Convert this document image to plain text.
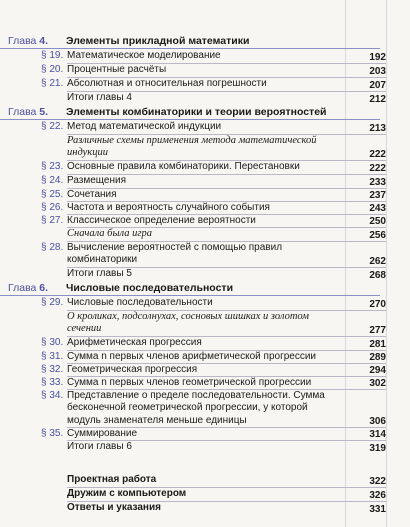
Глава 4. Элементы прикладной математики
§ 19. Математическое моделирование	192
§ 20. Процентные расчёты	203
§ 21. Абсолютная и относительная погрешности	207
Итоги главы 4	212
Глава 5. Элементы комбинаторики и теории вероятностей
§ 22. Метод математической индукции	213
Различные схемы применения метода математической индукции	222
§ 23. Основные правила комбинаторики. Перестановки	222
§ 24. Размещения	233
§ 25. Сочетания	237
§ 26. Частота и вероятность случайного события	243
§ 27. Классическое определение вероятности	250
Сначала была игра	256
§ 28. Вычисление вероятностей с помощью правил комбинаторики	262
Итоги главы 5	268
Глава 6. Числовые последовательности
§ 29. Числовые последовательности	270
О кроликах, подсолнухах, сосновых шишках и золотом сечении	277
§ 30. Арифметическая прогрессия	281
§ 31. Сумма n первых членов арифметической прогрессии	289
§ 32. Геометрическая прогрессия	294
§ 33. Сумма n первых членов геометрической прогрессии	302
§ 34. Представление о пределе последовательности. Сумма бесконечной геометрической прогрессии, у которой модуль знаменателя меньше единицы	306
§ 35. Суммирование	314
Итоги главы 6	319
Проектная работа	322
Дружим с компьютером	326
Ответы и указания	331
